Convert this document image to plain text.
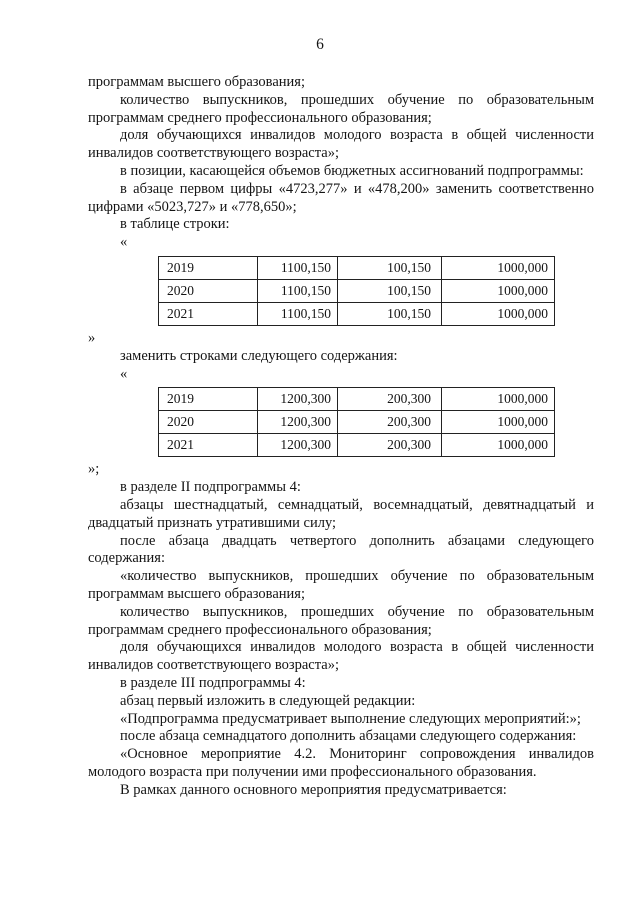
6

программам высшего образования;

количество выпускников, прошедших обучение по образовательным программам среднего профессионального образования;

доля обучающихся инвалидов молодого возраста в общей численности инвалидов соответствующего возраста»;

в позиции, касающейся объемов бюджетных ассигнований подпрограммы:

в абзаце первом цифры «4723,277» и «478,200» заменить соответственно цифрами «5023,727» и «778,650»;

в таблице строки:

«

2019	1100,150	100,150	1000,000
2020	1100,150	100,150	1000,000
2021	1100,150	100,150	1000,000

»

заменить строками следующего содержания:

«

2019	1200,300	200,300	1000,000
2020	1200,300	200,300	1000,000
2021	1200,300	200,300	1000,000

»;

в разделе II подпрограммы 4:

абзацы шестнадцатый, семнадцатый, восемнадцатый, девятнадцатый и двадцатый признать утратившими силу;

после абзаца двадцать четвертого дополнить абзацами следующего содержания:

«количество выпускников, прошедших обучение по образовательным программам высшего образования;

количество выпускников, прошедших обучение по образовательным программам среднего профессионального образования;

доля обучающихся инвалидов молодого возраста в общей численности инвалидов соответствующего возраста»;

в разделе III подпрограммы 4:

абзац первый изложить в следующей редакции:

«Подпрограмма предусматривает выполнение следующих мероприятий:»;

после абзаца семнадцатого дополнить абзацами следующего содержания:

«Основное мероприятие 4.2. Мониторинг сопровождения инвалидов молодого возраста при получении ими профессионального образования.

В рамках данного основного мероприятия предусматривается:
